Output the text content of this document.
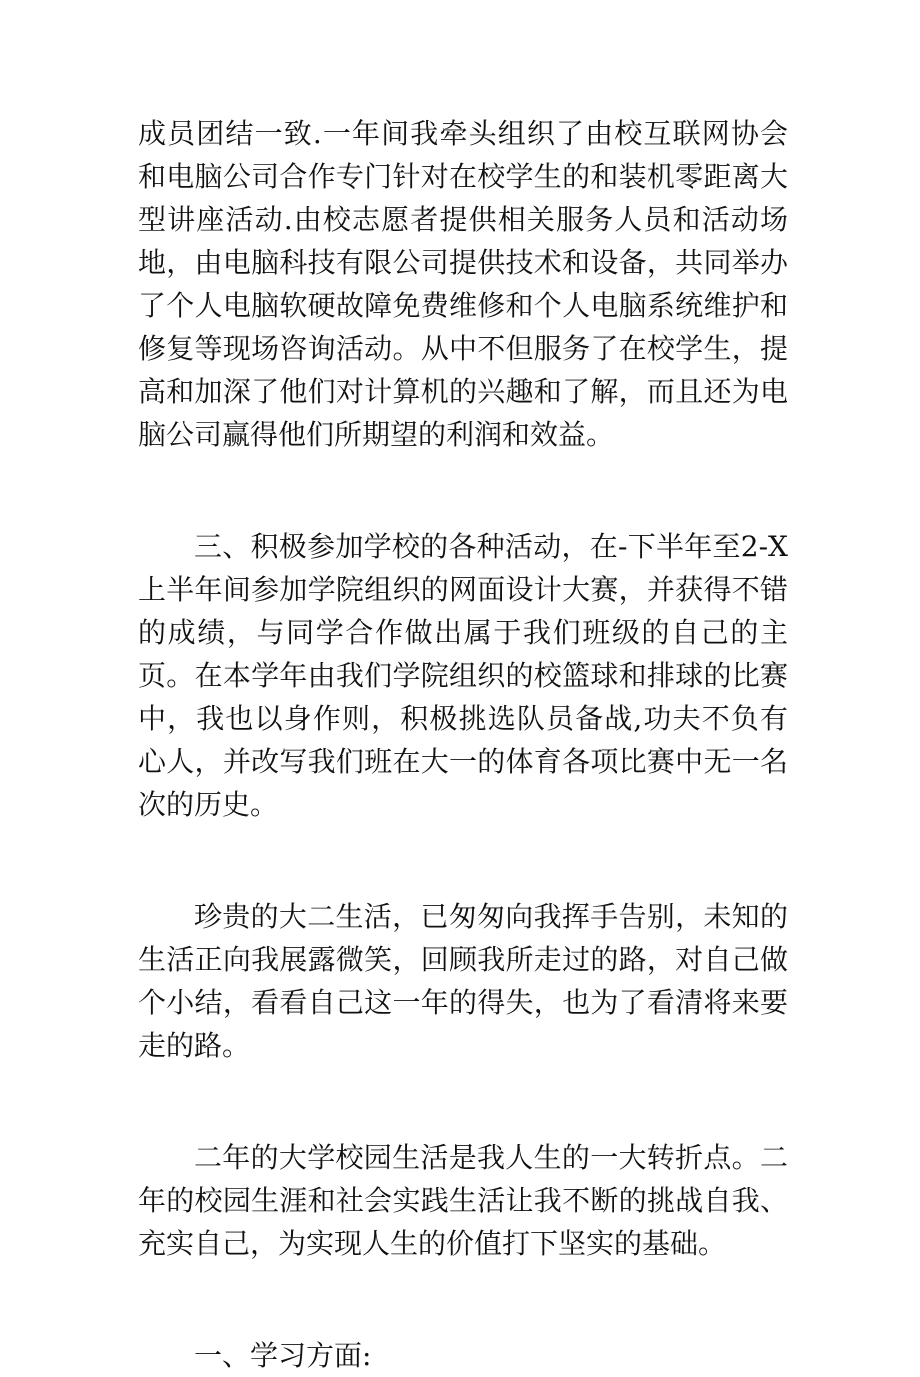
成员团结一致.一年间我牵头组织了由校互联网协会和电脑公司合作专门针对在校学生的和装机零距离大型讲座活动.由校志愿者提供相关服务人员和活动场地，由电脑科技有限公司提供技术和设备，共同举办了个人电脑软硬故障免费维修和个人电脑系统维护和修复等现场咨询活动。从中不但服务了在校学生，提高和加深了他们对计算机的兴趣和了解，而且还为电脑公司赢得他们所期望的利润和效益。

三、积极参加学校的各种活动，在-下半年至2-X上半年间参加学院组织的网面设计大赛，并获得不错的成绩，与同学合作做出属于我们班级的自己的主页。在本学年由我们学院组织的校篮球和排球的比赛中，我也以身作则，积极挑选队员备战,功夫不负有心人，并改写我们班在大一的体育各项比赛中无一名次的历史。

珍贵的大二生活，已匆匆向我挥手告别，未知的生活正向我展露微笑，回顾我所走过的路，对自己做个小结，看看自己这一年的得失，也为了看清将来要走的路。

二年的大学校园生活是我人生的一大转折点。二年的校园生涯和社会实践生活让我不断的挑战自我、充实自己，为实现人生的价值打下坚实的基础。

一、学习方面:
